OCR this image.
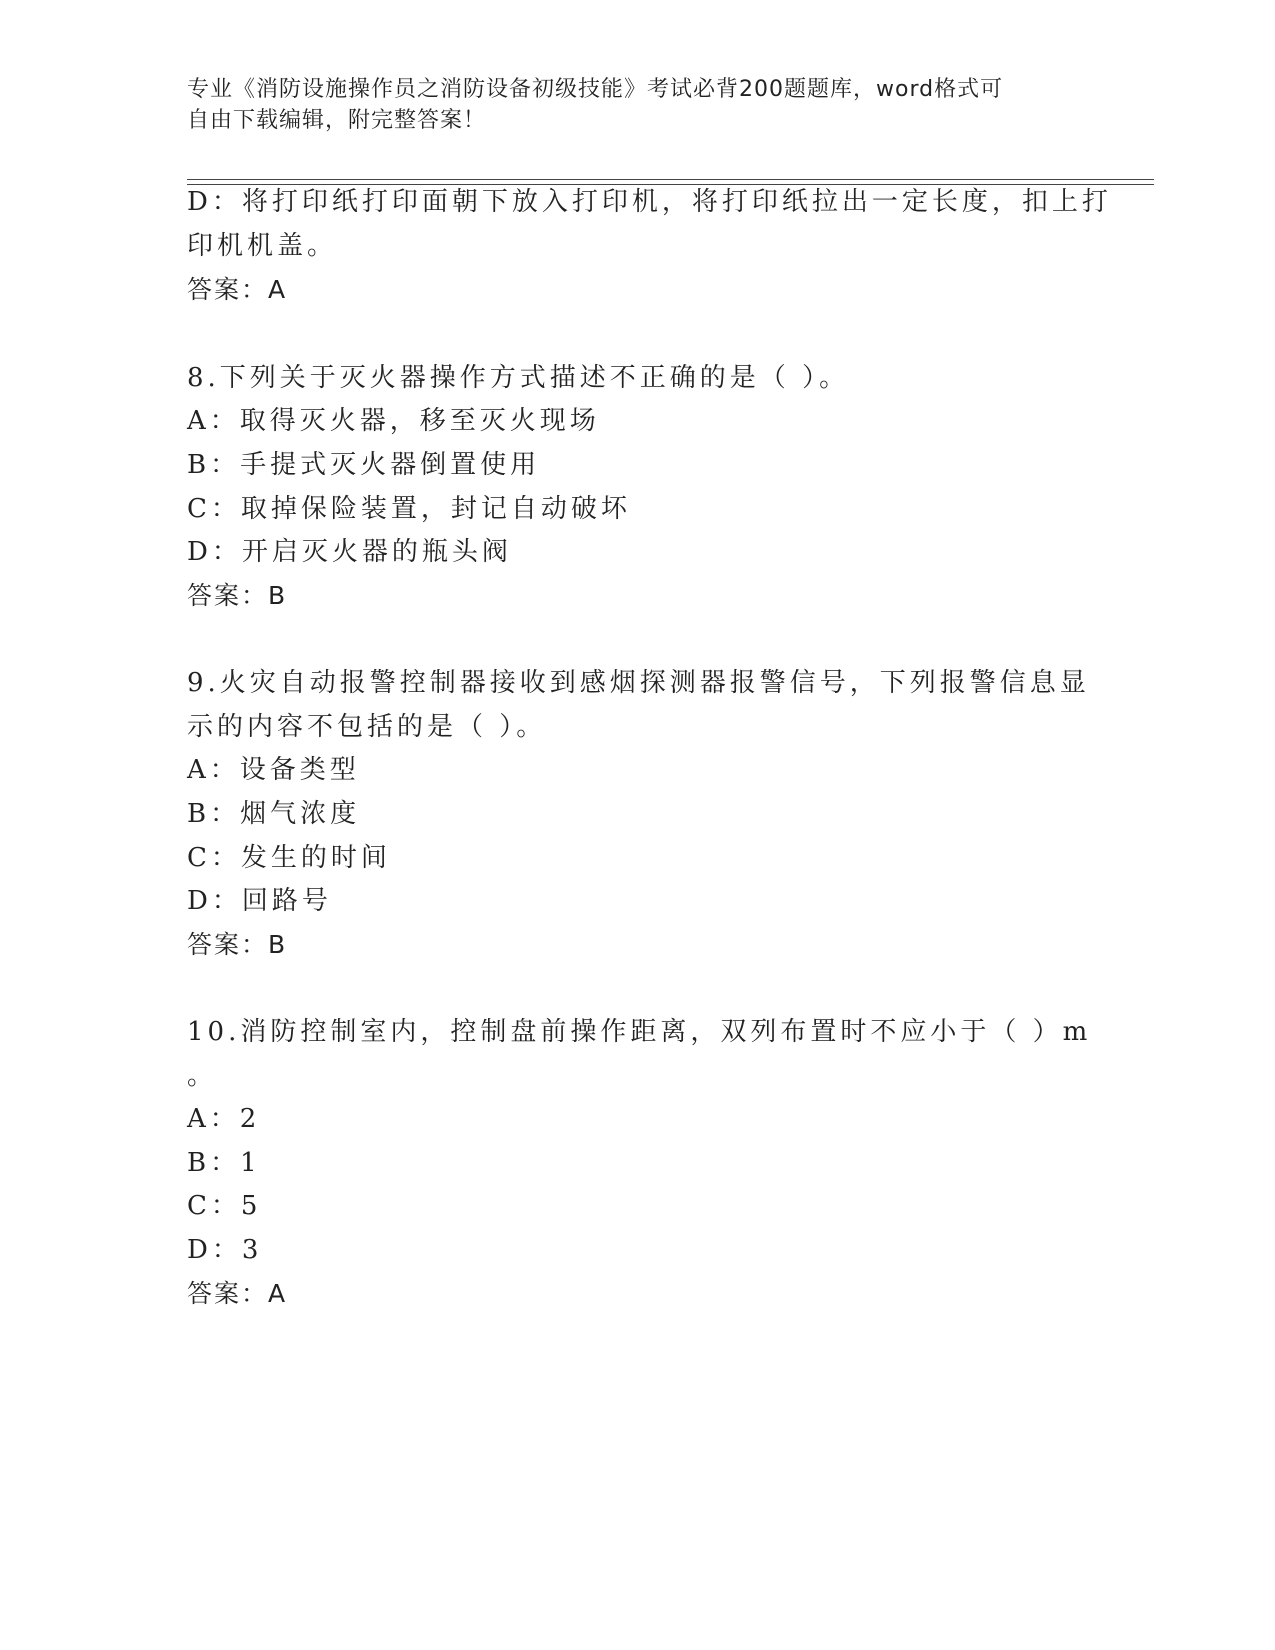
专业《消防设施操作员之消防设备初级技能》考试必背200题题库，word格式可
自由下载编辑，附完整答案！
D：将打印纸打印面朝下放入打印机，将打印纸拉出一定长度，扣上打
印机机盖。
答案：A
8.下列关于灭火器操作方式描述不正确的是（ ）。
A：取得灭火器，移至灭火现场
B：手提式灭火器倒置使用
C：取掉保险装置，封记自动破坏
D：开启灭火器的瓶头阀
答案：B
9.火灾自动报警控制器接收到感烟探测器报警信号，下列报警信息显
示的内容不包括的是（ ）。
A：设备类型
B：烟气浓度
C：发生的时间
D：回路号
答案：B
10.消防控制室内，控制盘前操作距离，双列布置时不应小于（ ）m
。
A：2
B：1
C：5
D：3
答案：A
